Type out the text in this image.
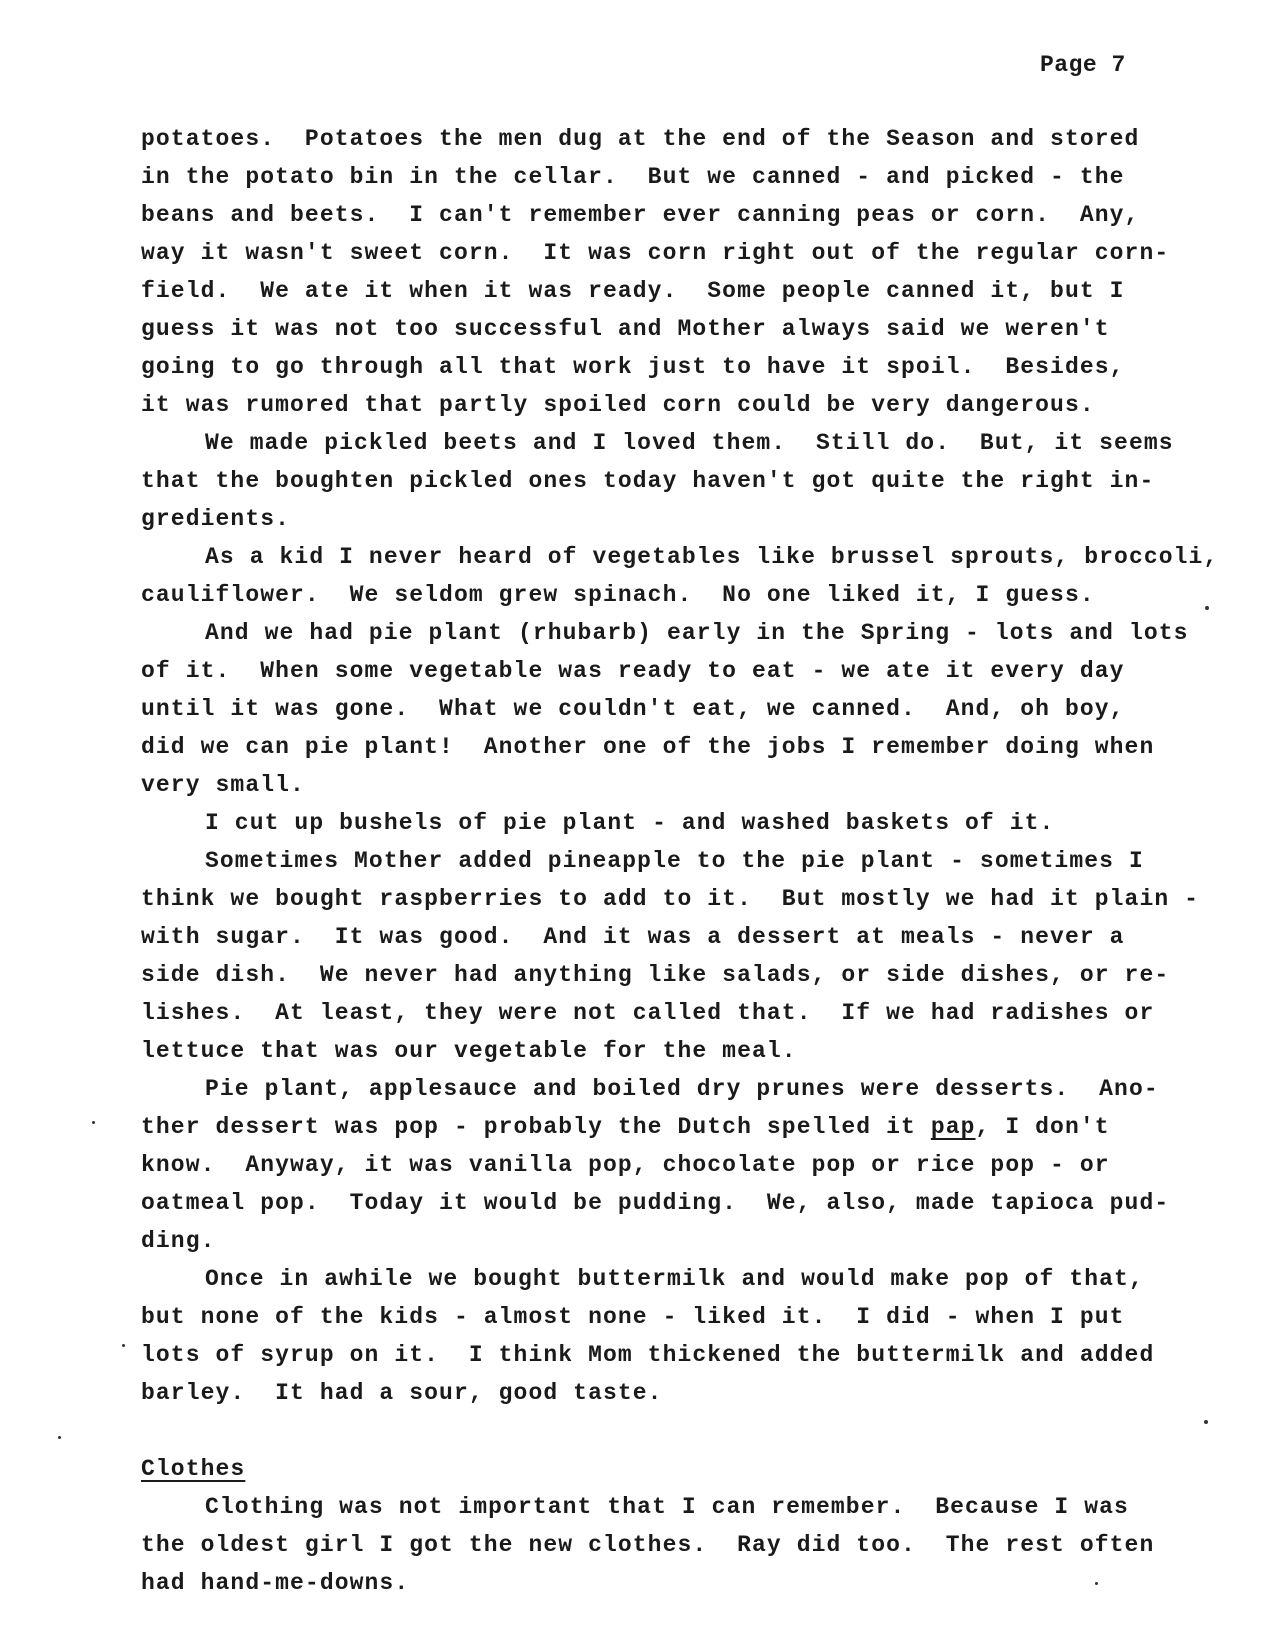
Page 7
potatoes.  Potatoes the men dug at the end of the Season and stored
in the potato bin in the cellar.  But we canned - and picked - the
beans and beets.  I can't remember ever canning peas or corn.  Any,
way it wasn't sweet corn.  It was corn right out of the regular corn-
field.  We ate it when it was ready.  Some people canned it, but I
guess it was not too successful and Mother always said we weren't
going to go through all that work just to have it spoil.  Besides,
it was rumored that partly spoiled corn could be very dangerous.
We made pickled beets and I loved them.  Still do.  But, it seems
that the boughten pickled ones today haven't got quite the right in-
gredients.
As a kid I never heard of vegetables like brussel sprouts, broccoli,
cauliflower.  We seldom grew spinach.  No one liked it, I guess.
And we had pie plant (rhubarb) early in the Spring - lots and lots
of it.  When some vegetable was ready to eat - we ate it every day
until it was gone.  What we couldn't eat, we canned.  And, oh boy,
did we can pie plant!  Another one of the jobs I remember doing when
very small.
I cut up bushels of pie plant - and washed baskets of it.
Sometimes Mother added pineapple to the pie plant - sometimes I
think we bought raspberries to add to it.  But mostly we had it plain -
with sugar.  It was good.  And it was a dessert at meals - never a
side dish.  We never had anything like salads, or side dishes, or re-
lishes.  At least, they were not called that.  If we had radishes or
lettuce that was our vegetable for the meal.
Pie plant, applesauce and boiled dry prunes were desserts.  Ano-
ther dessert was pop - probably the Dutch spelled it pap, I don't
know.  Anyway, it was vanilla pop, chocolate pop or rice pop - or
oatmeal pop.  Today it would be pudding.  We, also, made tapioca pud-
ding.
Once in awhile we bought buttermilk and would make pop of that,
but none of the kids - almost none - liked it.  I did - when I put
lots of syrup on it.  I think Mom thickened the buttermilk and added
barley.  It had a sour, good taste.
Clothes
Clothing was not important that I can remember.  Because I was
the oldest girl I got the new clothes.  Ray did too.  The rest often
had hand-me-downs.
